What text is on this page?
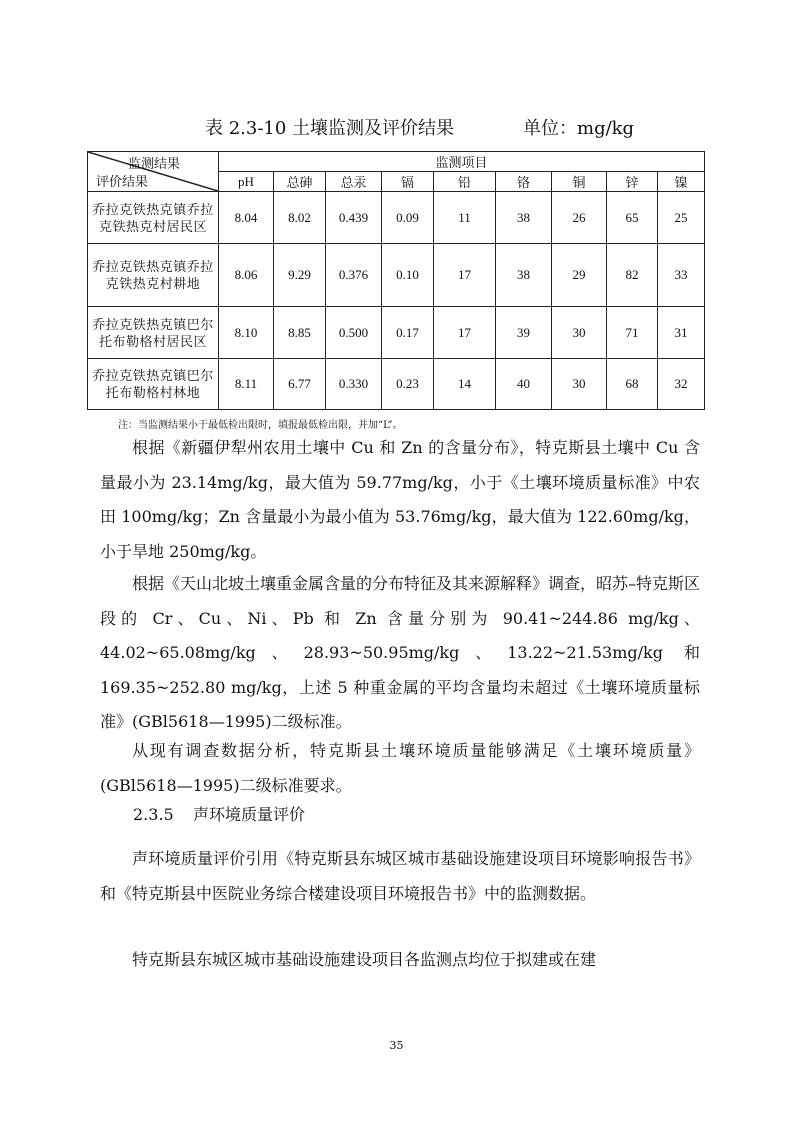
表 2.3-10 土壤监测及评价结果	单位：mg/kg
监测结果
评价结果	监测项目								
	pH	总砷	总汞	镉	铅	铬	铜	锌	镍
乔拉克铁热克镇乔拉克铁热克村居民区	8.04	8.02	0.439	0.09	11	38	26	65	25
乔拉克铁热克镇乔拉克铁热克村耕地	8.06	9.29	0.376	0.10	17	38	29	82	33
乔拉克铁热克镇巴尔托布勒格村居民区	8.10	8.85	0.500	0.17	17	39	30	71	31
乔拉克铁热克镇巴尔托布勒格村林地	8.11	6.77	0.330	0.23	14	40	30	68	32
注：当监测结果小于最低检出限时，填报最低检出限，并加“L”。

根据《新疆伊犁州农用土壤中 Cu 和 Zn 的含量分布》，特克斯县土壤中 Cu 含量最小为 23.14mg/kg，最大值为 59.77mg/kg，小于《土壤环境质量标准》中农田 100mg/kg；Zn 含量最小为最小值为 53.76mg/kg，最大值为 122.60mg/kg，小于旱地 250mg/kg。

根据《天山北坡土壤重金属含量的分布特征及其来源解释》调查，昭苏–特克斯区段的 Cr、Cu、Ni、Pb 和 Zn 含量分别为 90.41~244.86 mg/kg、44.02~65.08mg/kg、28.93~50.95mg/kg、13.22~21.53mg/kg 和 169.35~252.80 mg/kg，上述 5 种重金属的平均含量均未超过《土壤环境质量标准》(GBl5618—1995)二级标准。

从现有调查数据分析，特克斯县土壤环境质量能够满足《土壤环境质量》(GBl5618—1995)二级标准要求。

2.3.5 声环境质量评价

声环境质量评价引用《特克斯县东城区城市基础设施建设项目环境影响报告书》和《特克斯县中医院业务综合楼建设项目环境报告书》中的监测数据。

特克斯县东城区城市基础设施建设项目各监测点均位于拟建或在建

35
